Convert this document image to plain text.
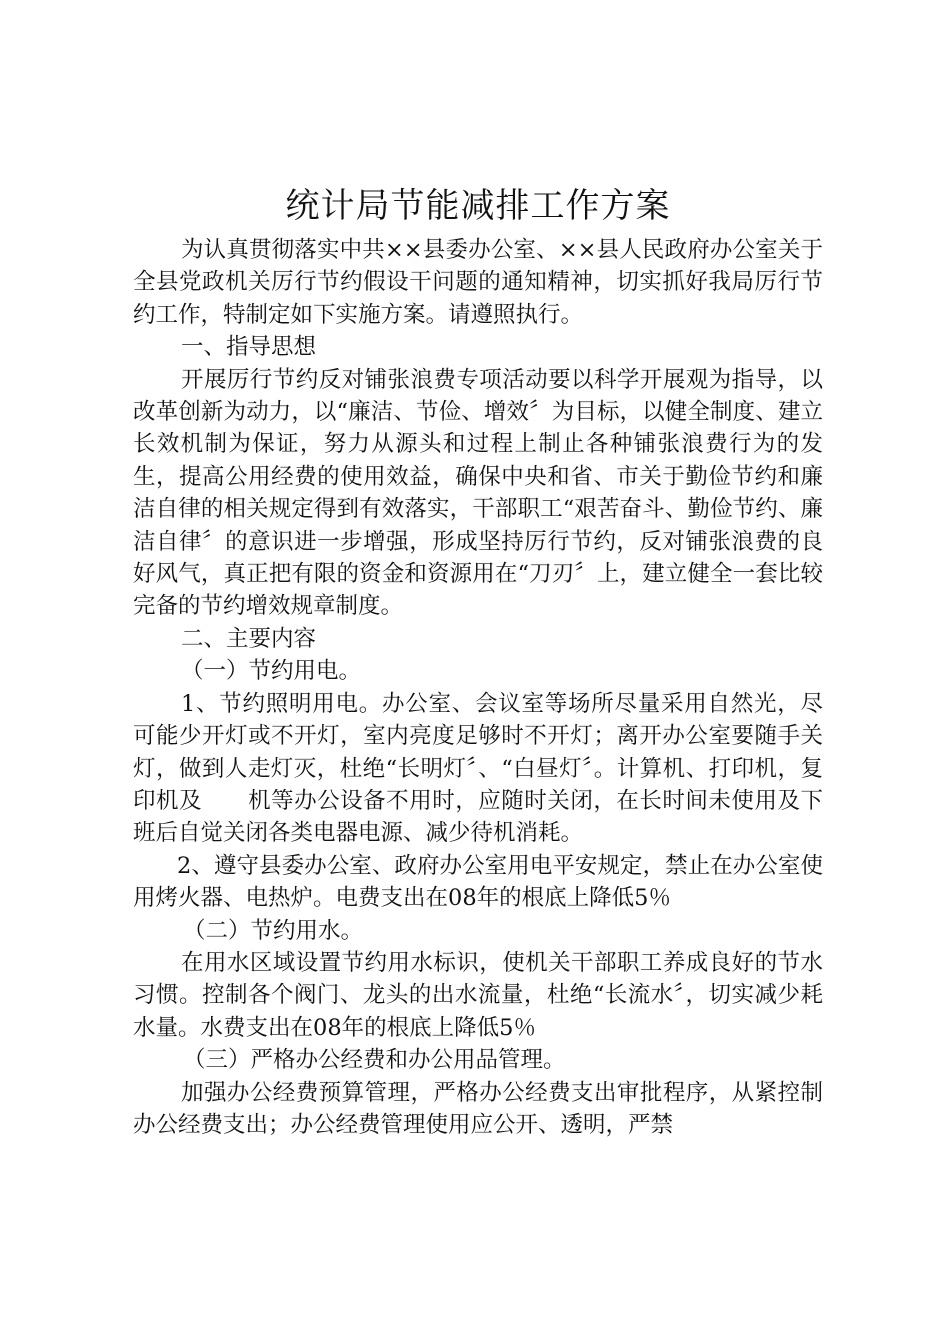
统计局节能减排工作方案

为认真贯彻落实中共××县委办公室、××县人民政府办公室关于全县党政机关厉行节约假设干问题的通知精神，切实抓好我局厉行节约工作，特制定如下实施方案。请遵照执行。

一、指导思想

开展厉行节约反对铺张浪费专项活动要以科学开展观为指导，以改革创新为动力，以“廉洁、节俭、增效〞为目标，以健全制度、建立长效机制为保证，努力从源头和过程上制止各种铺张浪费行为的发生，提高公用经费的使用效益，确保中央和省、市关于勤俭节约和廉洁自律的相关规定得到有效落实，干部职工“艰苦奋斗、勤俭节约、廉洁自律〞的意识进一步增强，形成坚持厉行节约，反对铺张浪费的良好风气，真正把有限的资金和资源用在“刀刃〞上，建立健全一套比较完备的节约增效规章制度。

二、主要内容

（一）节约用电。

1、节约照明用电。办公室、会议室等场所尽量采用自然光，尽可能少开灯或不开灯，室内亮度足够时不开灯；离开办公室要随手关灯，做到人走灯灭，杜绝“长明灯〞、“白昼灯〞。计算机、打印机，复印机及　　机等办公设备不用时，应随时关闭，在长时间未使用及下班后自觉关闭各类电器电源、减少待机消耗。

2、遵守县委办公室、政府办公室用电平安规定，禁止在办公室使用烤火器、电热炉。电费支出在08年的根底上降低5％

（二）节约用水。

在用水区域设置节约用水标识，使机关干部职工养成良好的节水习惯。控制各个阀门、龙头的出水流量，杜绝“长流水〞，切实减少耗水量。水费支出在08年的根底上降低5％

（三）严格办公经费和办公用品管理。

加强办公经费预算管理，严格办公经费支出审批程序，从紧控制办公经费支出；办公经费管理使用应公开、透明，严禁
